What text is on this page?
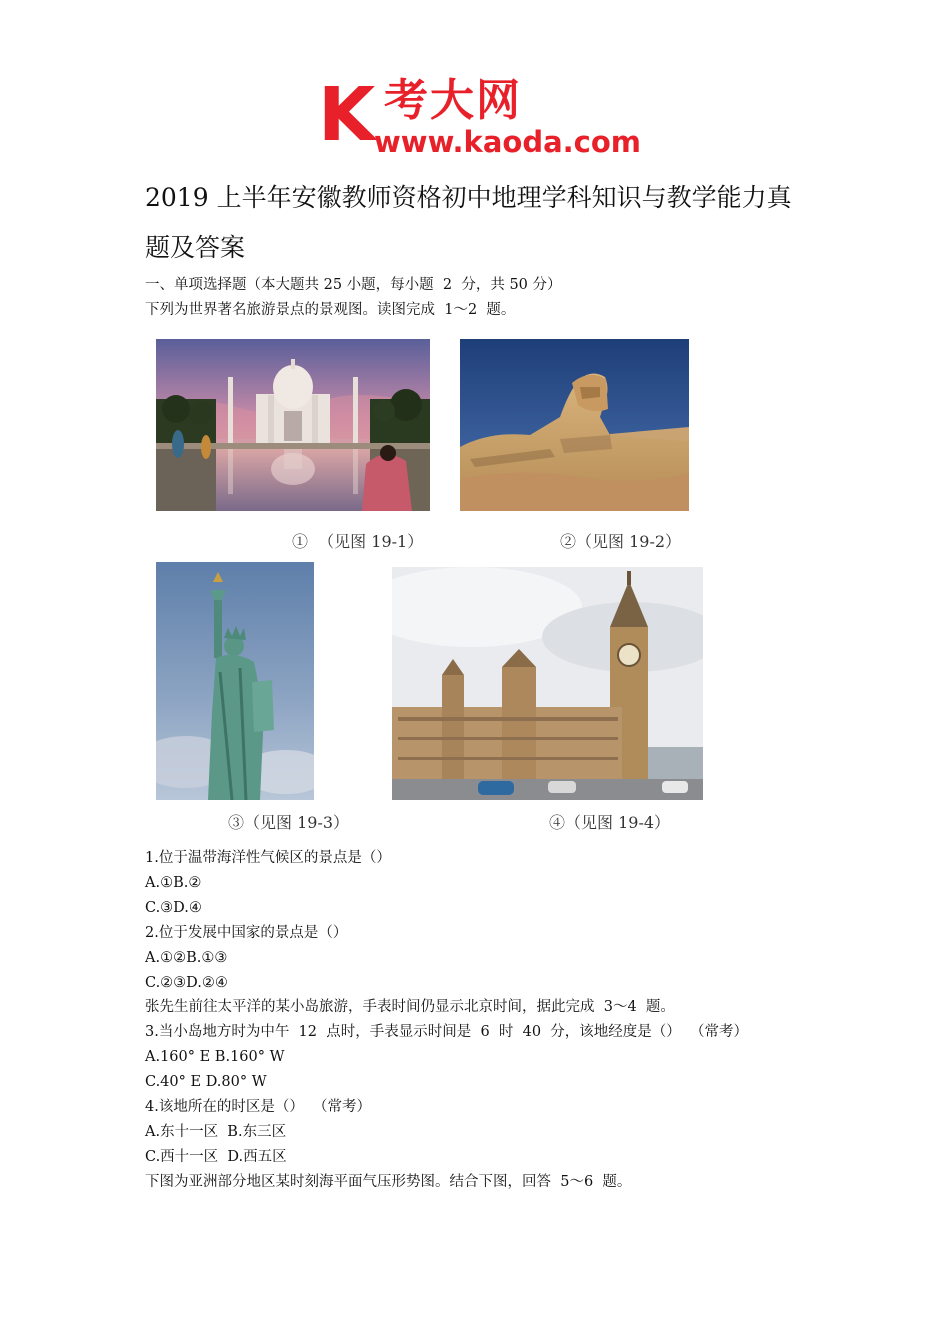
K 考大网
www.kaoda.com
2019 上半年安徽教师资格初中地理学科知识与教学能力真
题及答案
一、单项选择题（本大题共 25 小题，每小题  2  分，共 50 分）
下列为世界著名旅游景点的景观图。读图完成  1～2  题。
①  （见图 19-1）	②（见图 19-2）
③（见图 19-3）	④（见图 19-4）
1.位于温带海洋性气候区的景点是（）
A.①B.②
C.③D.④
2.位于发展中国家的景点是（）
A.①②B.①③
C.②③D.②④
张先生前往太平洋的某小岛旅游，手表时间仍显示北京时间，据此完成  3～4  题。
3.当小岛地方时为中午  12  点时，手表显示时间是  6  时  40  分，该地经度是（）  （常考）
A.160° E B.160° W
C.40° E D.80° W
4.该地所在的时区是（）  （常考）
A.东十一区  B.东三区
C.西十一区  D.西五区
下图为亚洲部分地区某时刻海平面气压形势图。结合下图，回答  5～6  题。
